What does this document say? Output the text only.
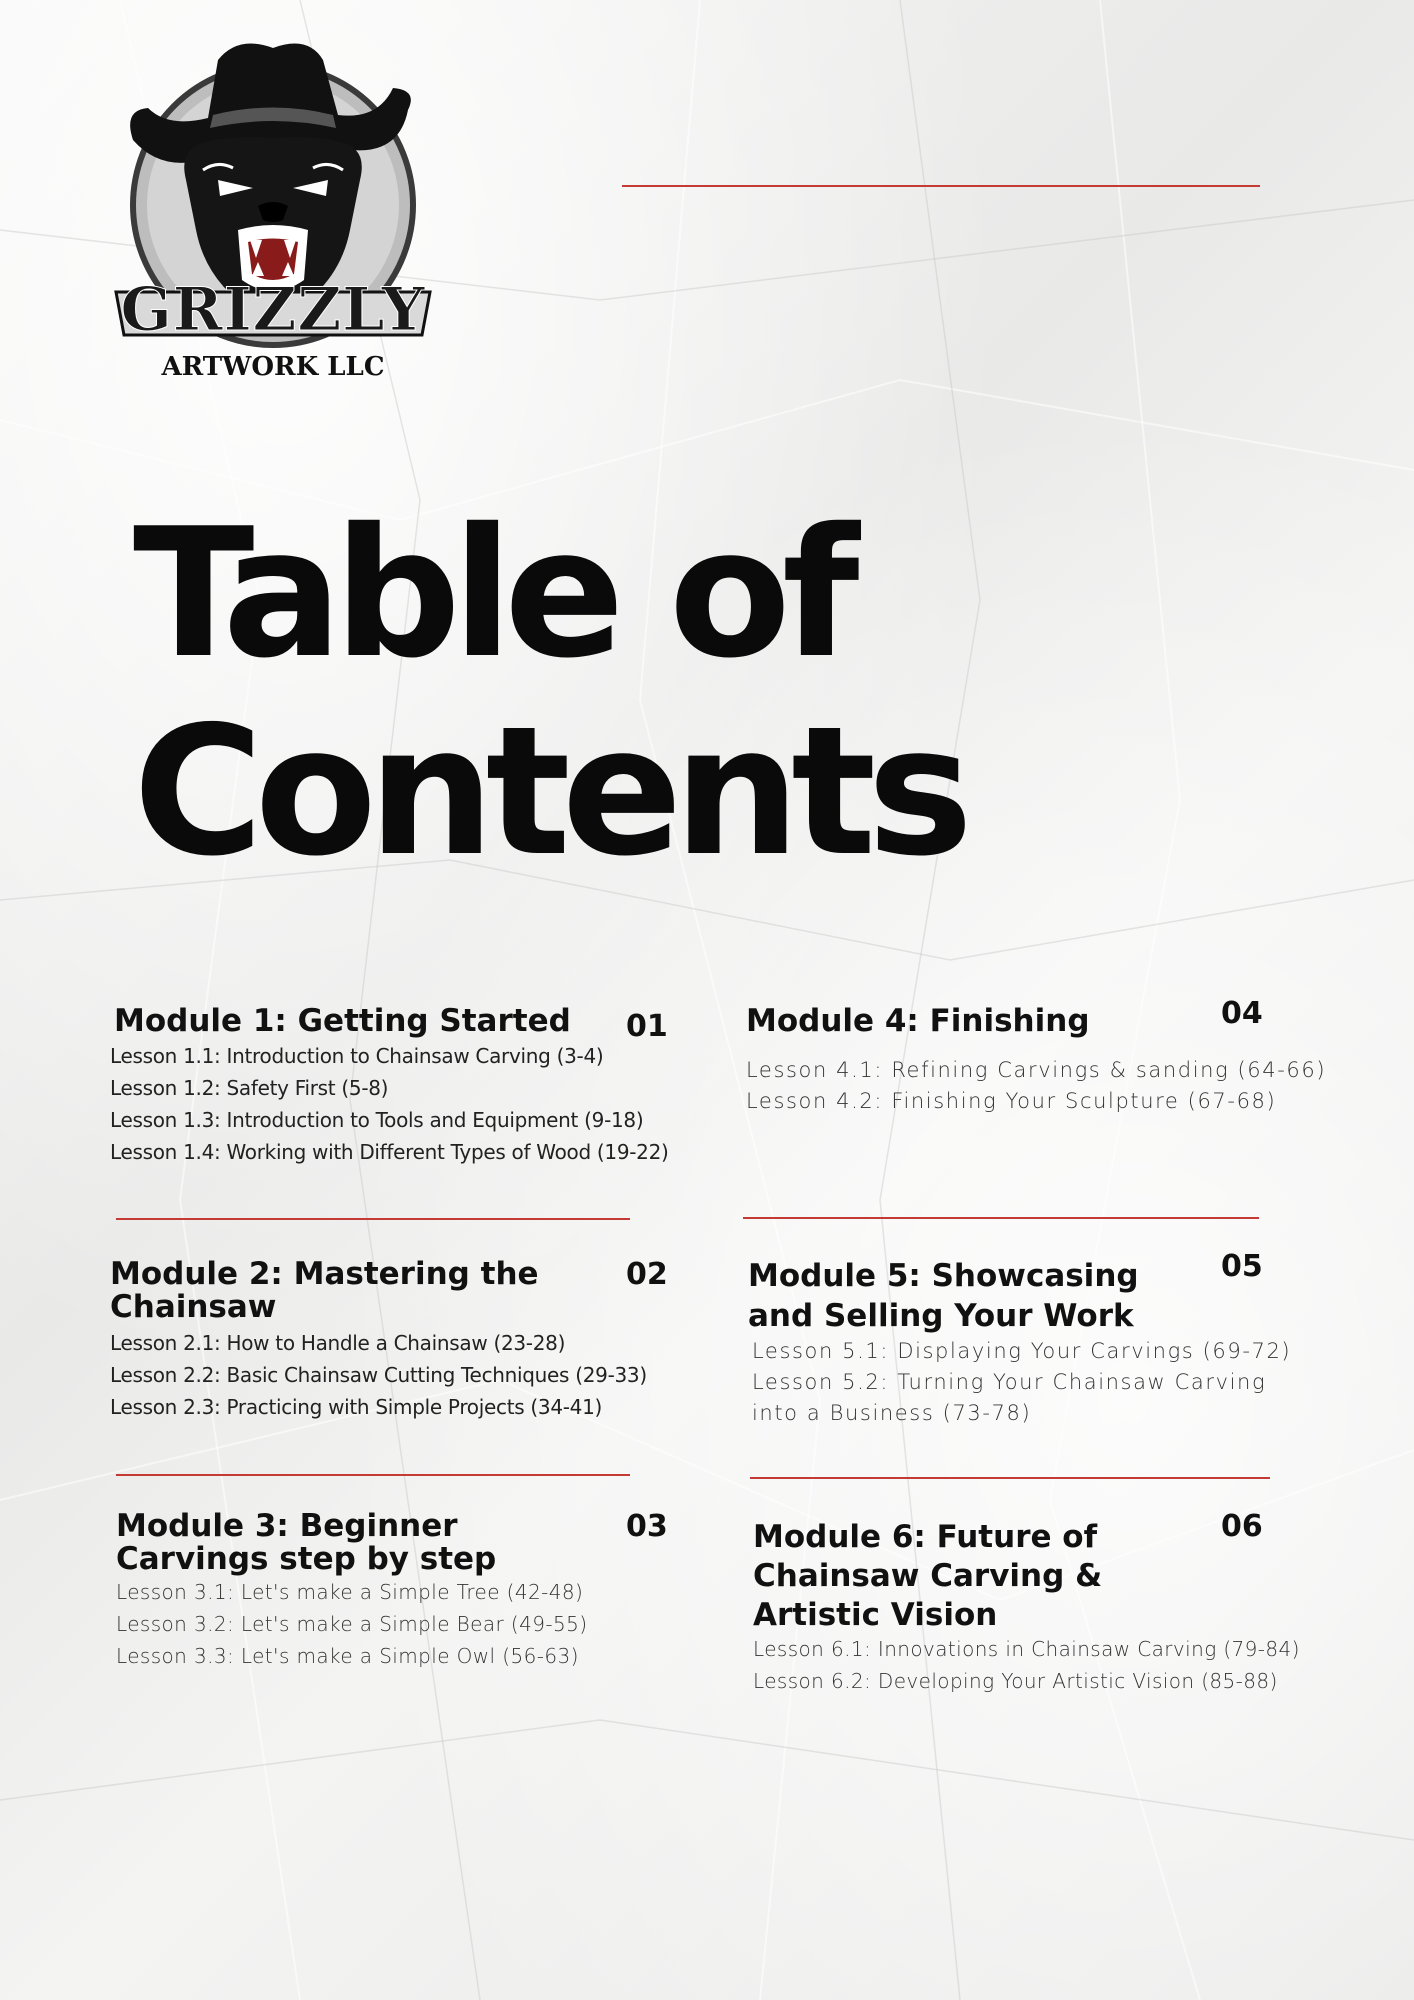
GRIZZLY
ARTWORK LLC
Table of
Contents
Module 1: Getting Started	01
Lesson 1.1: Introduction to Chainsaw Carving (3-4)
Lesson 1.2: Safety First (5-8)
Lesson 1.3: Introduction to Tools and Equipment (9-18)
Lesson 1.4: Working with Different Types of Wood (19-22)
Module 4: Finishing	04
Lesson 4.1: Refining Carvings & sanding (64-66)
Lesson 4.2: Finishing Your Sculpture (67-68)
Module 2: Mastering the
Chainsaw
02
Lesson 2.1: How to Handle a Chainsaw (23-28)
Lesson 2.2: Basic Chainsaw Cutting Techniques (29-33)
Lesson 2.3: Practicing with Simple Projects (34-41)
Module 5: Showcasing
and Selling Your Work
05
Lesson 5.1: Displaying Your Carvings (69-72)
Lesson 5.2: Turning Your Chainsaw Carving
into a Business (73-78)
Module 3: Beginner
Carvings step by step
03
Lesson 3.1: Let's make a Simple Tree (42-48)
Lesson 3.2: Let's make a Simple Bear (49-55)
Lesson 3.3: Let's make a Simple Owl (56-63)
Module 6: Future of
Chainsaw Carving &
Artistic Vision
06
Lesson 6.1: Innovations in Chainsaw Carving (79-84)
Lesson 6.2: Developing Your Artistic Vision (85-88)
